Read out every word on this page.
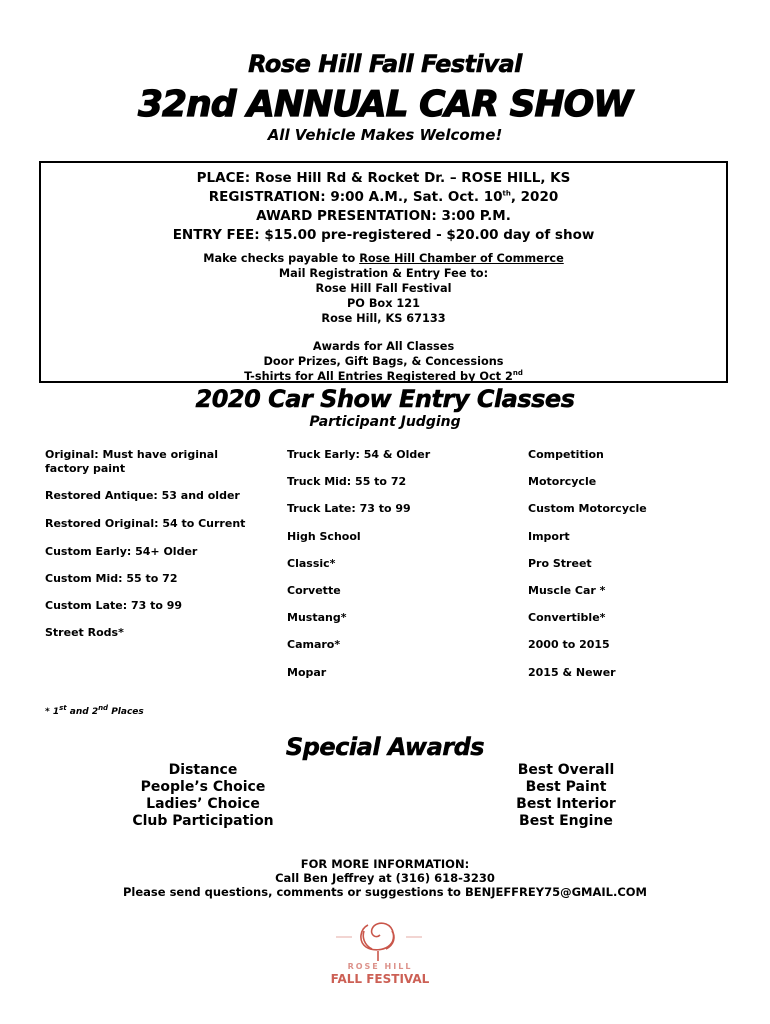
Rose Hill Fall Festival
32nd ANNUAL CAR SHOW
All Vehicle Makes Welcome!
PLACE: Rose Hill Rd & Rocket Dr. – ROSE HILL, KS
REGISTRATION: 9:00 A.M., Sat. Oct. 10th, 2020
AWARD PRESENTATION: 3:00 P.M.
ENTRY FEE: $15.00 pre-registered - $20.00 day of show
Make checks payable to Rose Hill Chamber of Commerce
Mail Registration & Entry Fee to:
Rose Hill Fall Festival
PO Box 121
Rose Hill, KS 67133
Awards for All Classes
Door Prizes, Gift Bags, & Concessions
T-shirts for All Entries Registered by Oct 2nd
2020 Car Show Entry Classes
Participant Judging
Original: Must have original factory paint
Restored Antique: 53 and older
Restored Original: 54 to Current
Custom Early: 54+ Older
Custom Mid: 55 to 72
Custom Late: 73 to 99
Street Rods*
Truck Early: 54 & Older
Truck Mid: 55 to 72
Truck Late: 73 to 99
High School
Classic*
Corvette
Mustang*
Camaro*
Mopar
Competition
Motorcycle
Custom Motorcycle
Import
Pro Street
Muscle Car *
Convertible*
2000 to 2015
2015 & Newer
* 1st and 2nd Places
Special Awards
Distance
People’s Choice
Ladies’ Choice
Club Participation
Best Overall
Best Paint
Best Interior
Best Engine
FOR MORE INFORMATION:
Call Ben Jeffrey at (316) 618-3230
Please send questions, comments or suggestions to BENJEFFREY75@GMAIL.COM
ROSE HILL
FALL FESTIVAL
